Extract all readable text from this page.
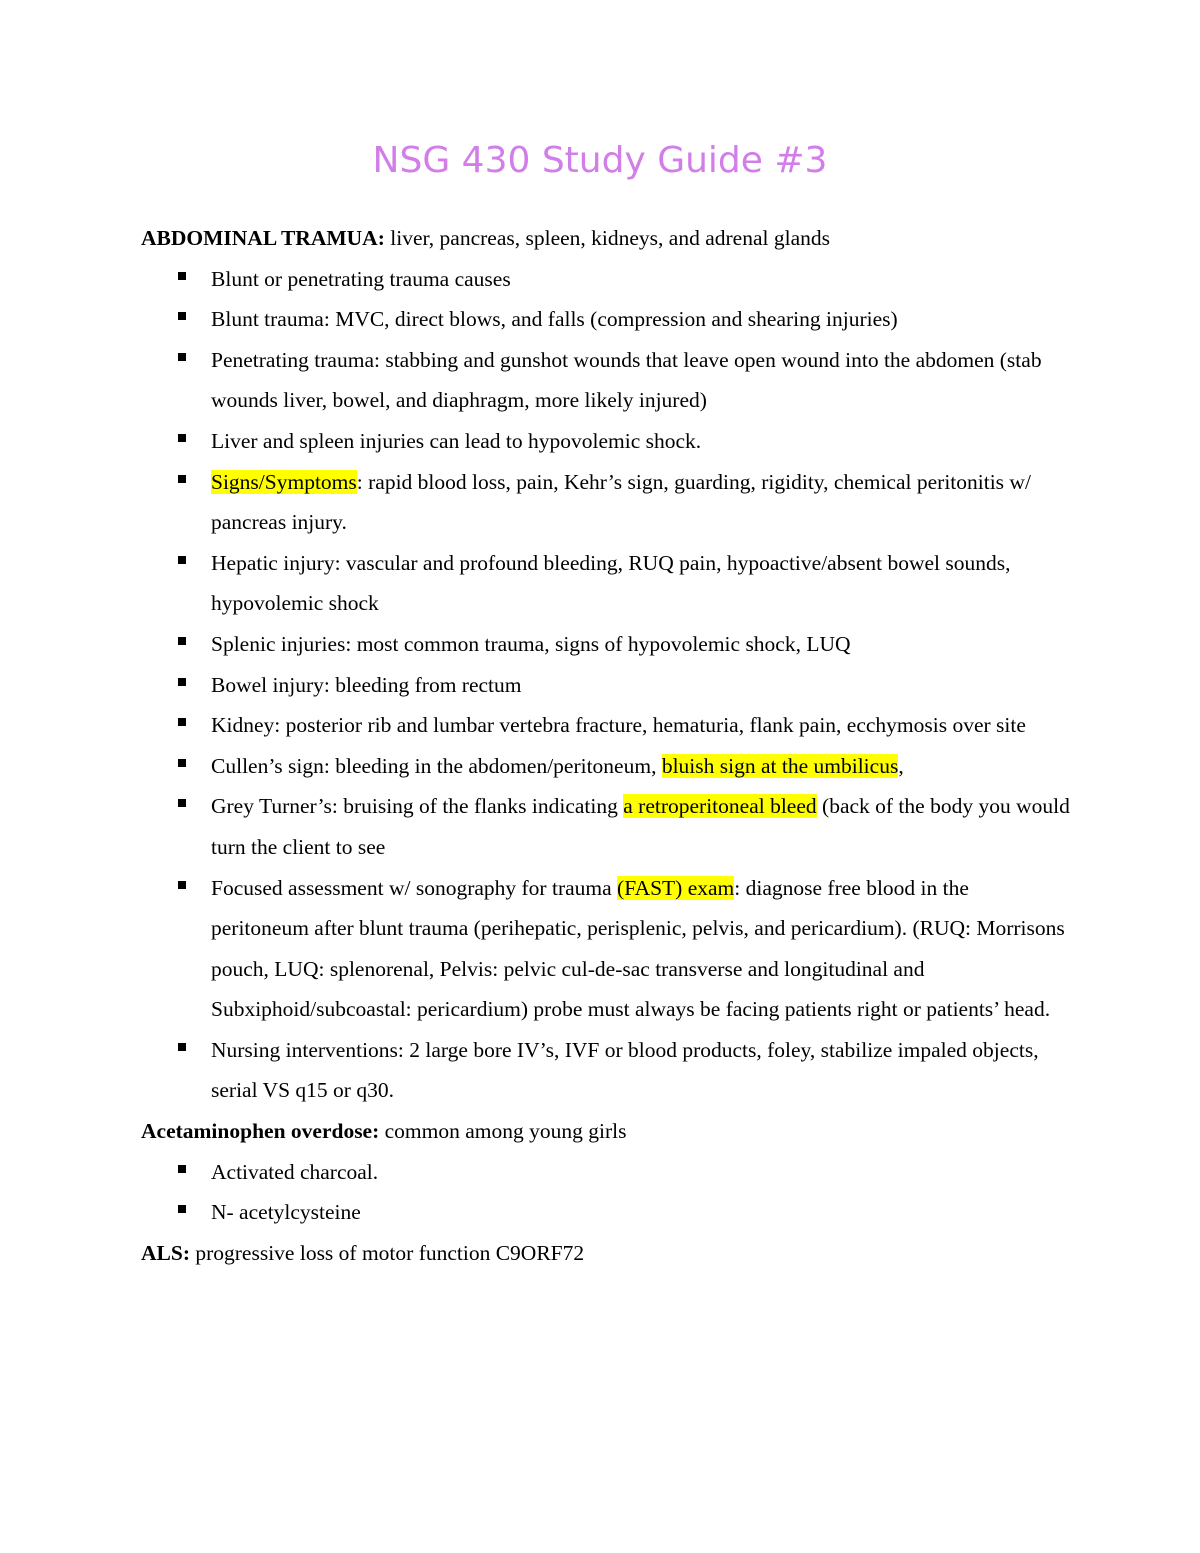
NSG 430 Study Guide #3

ABDOMINAL TRAMUA: liver, pancreas, spleen, kidneys, and adrenal glands

Blunt or penetrating trauma causes
Blunt trauma: MVC, direct blows, and falls (compression and shearing injuries)
Penetrating trauma: stabbing and gunshot wounds that leave open wound into the abdomen (stab wounds liver, bowel, and diaphragm, more likely injured)
Liver and spleen injuries can lead to hypovolemic shock.
Signs/Symptoms: rapid blood loss, pain, Kehr’s sign, guarding, rigidity, chemical peritonitis w/ pancreas injury.
Hepatic injury: vascular and profound bleeding, RUQ pain, hypoactive/absent bowel sounds, hypovolemic shock
Splenic injuries: most common trauma, signs of hypovolemic shock, LUQ
Bowel injury: bleeding from rectum
Kidney: posterior rib and lumbar vertebra fracture, hematuria, flank pain, ecchymosis over site
Cullen’s sign: bleeding in the abdomen/peritoneum, bluish sign at the umbilicus,
Grey Turner’s: bruising of the flanks indicating a retroperitoneal bleed (back of the body you would turn the client to see
Focused assessment w/ sonography for trauma (FAST) exam: diagnose free blood in the peritoneum after blunt trauma (perihepatic, perisplenic, pelvis, and pericardium). (RUQ: Morrisons pouch, LUQ: splenorenal, Pelvis: pelvic cul-de-sac transverse and longitudinal and Subxiphoid/subcoastal: pericardium) probe must always be facing patients right or patients’ head.
Nursing interventions: 2 large bore IV’s, IVF or blood products, foley, stabilize impaled objects, serial VS q15 or q30.

Acetaminophen overdose: common among young girls

Activated charcoal.
N- acetylcysteine

ALS: progressive loss of motor function C9ORF72
